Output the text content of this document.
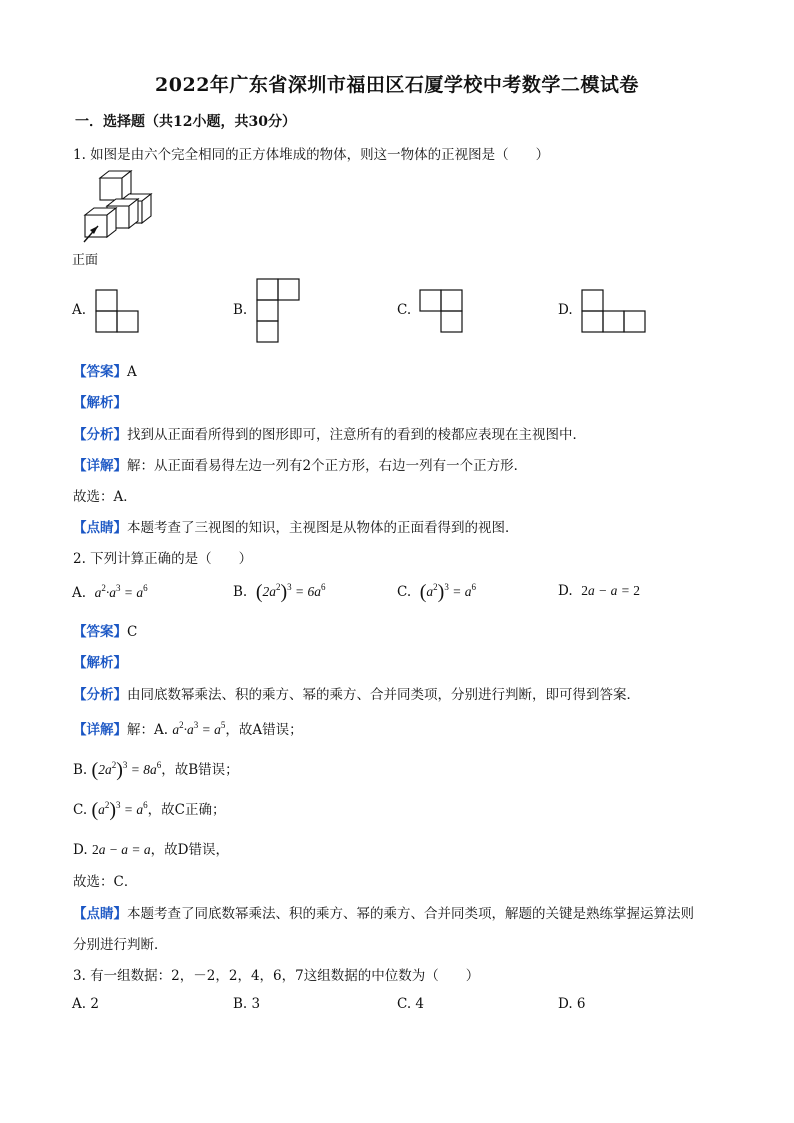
2022年广东省深圳市福田区石厦学校中考数学二模试卷
一．选择题（共12小题，共30分）
1. 如图是由六个完全相同的正方体堆成的物体，则这一物体的正视图是（　　）
正面
A.	B.	C.	D.
【答案】A
【解析】
【分析】找到从正面看所得到的图形即可，注意所有的看到的棱都应表现在主视图中．
【详解】解：从正面看易得左边一列有2个正方形，右边一列有一个正方形．
故选：A．
【点睛】本题考查了三视图的知识，主视图是从物体的正面看得到的视图．
2. 下列计算正确的是（　　）
A. $a^2\cdot a^3 = a^6$	B. $(2a^2)^3 = 6a^6$	C. $(a^2)^3 = a^6$	D. 2a − a = 2
【答案】C
【解析】
【分析】由同底数幂乘法、积的乘方、幂的乘方、合并同类项，分别进行判断，即可得到答案．
【详解】解：A. $a^2\cdot a^3 = a^5$，故A错误；
B. $(2a^2)^3 = 8a^6$，故B错误；
C. $(a^2)^3 = a^6$，故C正确；
D. 2a − a = a，故D错误，
故选：C．
【点睛】本题考查了同底数幂乘法、积的乘方、幂的乘方、合并同类项，解题的关键是熟练掌握运算法则
分别进行判断．
3. 有一组数据：2，－2，2，4，6，7这组数据的中位数为（　　）
A. 2	B. 3	C. 4	D. 6
